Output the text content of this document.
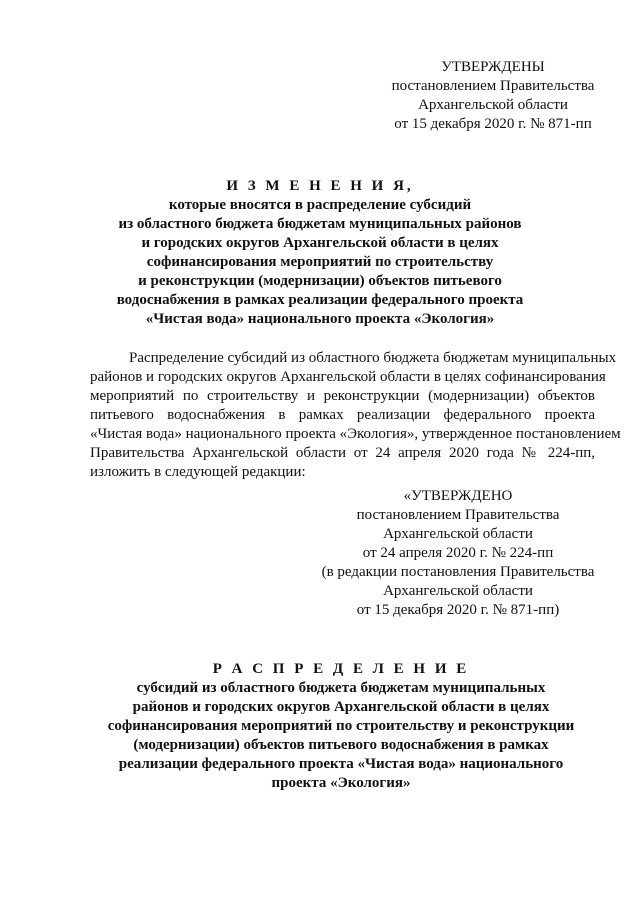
УТВЕРЖДЕНЫ
постановлением Правительства
Архангельской области
от 15 декабря 2020 г. № 871-пп
И З М Е Н Е Н И Я,
которые вносятся в распределение субсидий
из областного бюджета бюджетам муниципальных районов
и городских округов Архангельской области в целях
софинансирования мероприятий по строительству
и реконструкции (модернизации) объектов питьевого
водоснабжения в рамках реализации федерального проекта
«Чистая вода» национального проекта «Экология»
Распределение субсидий из областного бюджета бюджетам муниципальных
районов и городских округов Архангельской области в целях софинансирования
мероприятий по строительству и реконструкции (модернизации) объектов
питьевого водоснабжения в рамках реализации федерального проекта
«Чистая вода» национального проекта «Экология», утвержденное постановлением
Правительства Архангельской области от 24 апреля 2020 года № 224-пп,
изложить в следующей редакции:
«УТВЕРЖДЕНО
постановлением Правительства
Архангельской области
от 24 апреля 2020 г. № 224-пп
(в редакции постановления Правительства
Архангельской области
от 15 декабря 2020 г. № 871-пп)
Р А С П Р Е Д Е Л Е Н И Е
субсидий из областного бюджета бюджетам муниципальных
районов и городских округов Архангельской области в целях
софинансирования мероприятий по строительству и реконструкции
(модернизации) объектов питьевого водоснабжения в рамках
реализации федерального проекта «Чистая вода» национального
проекта «Экология»
